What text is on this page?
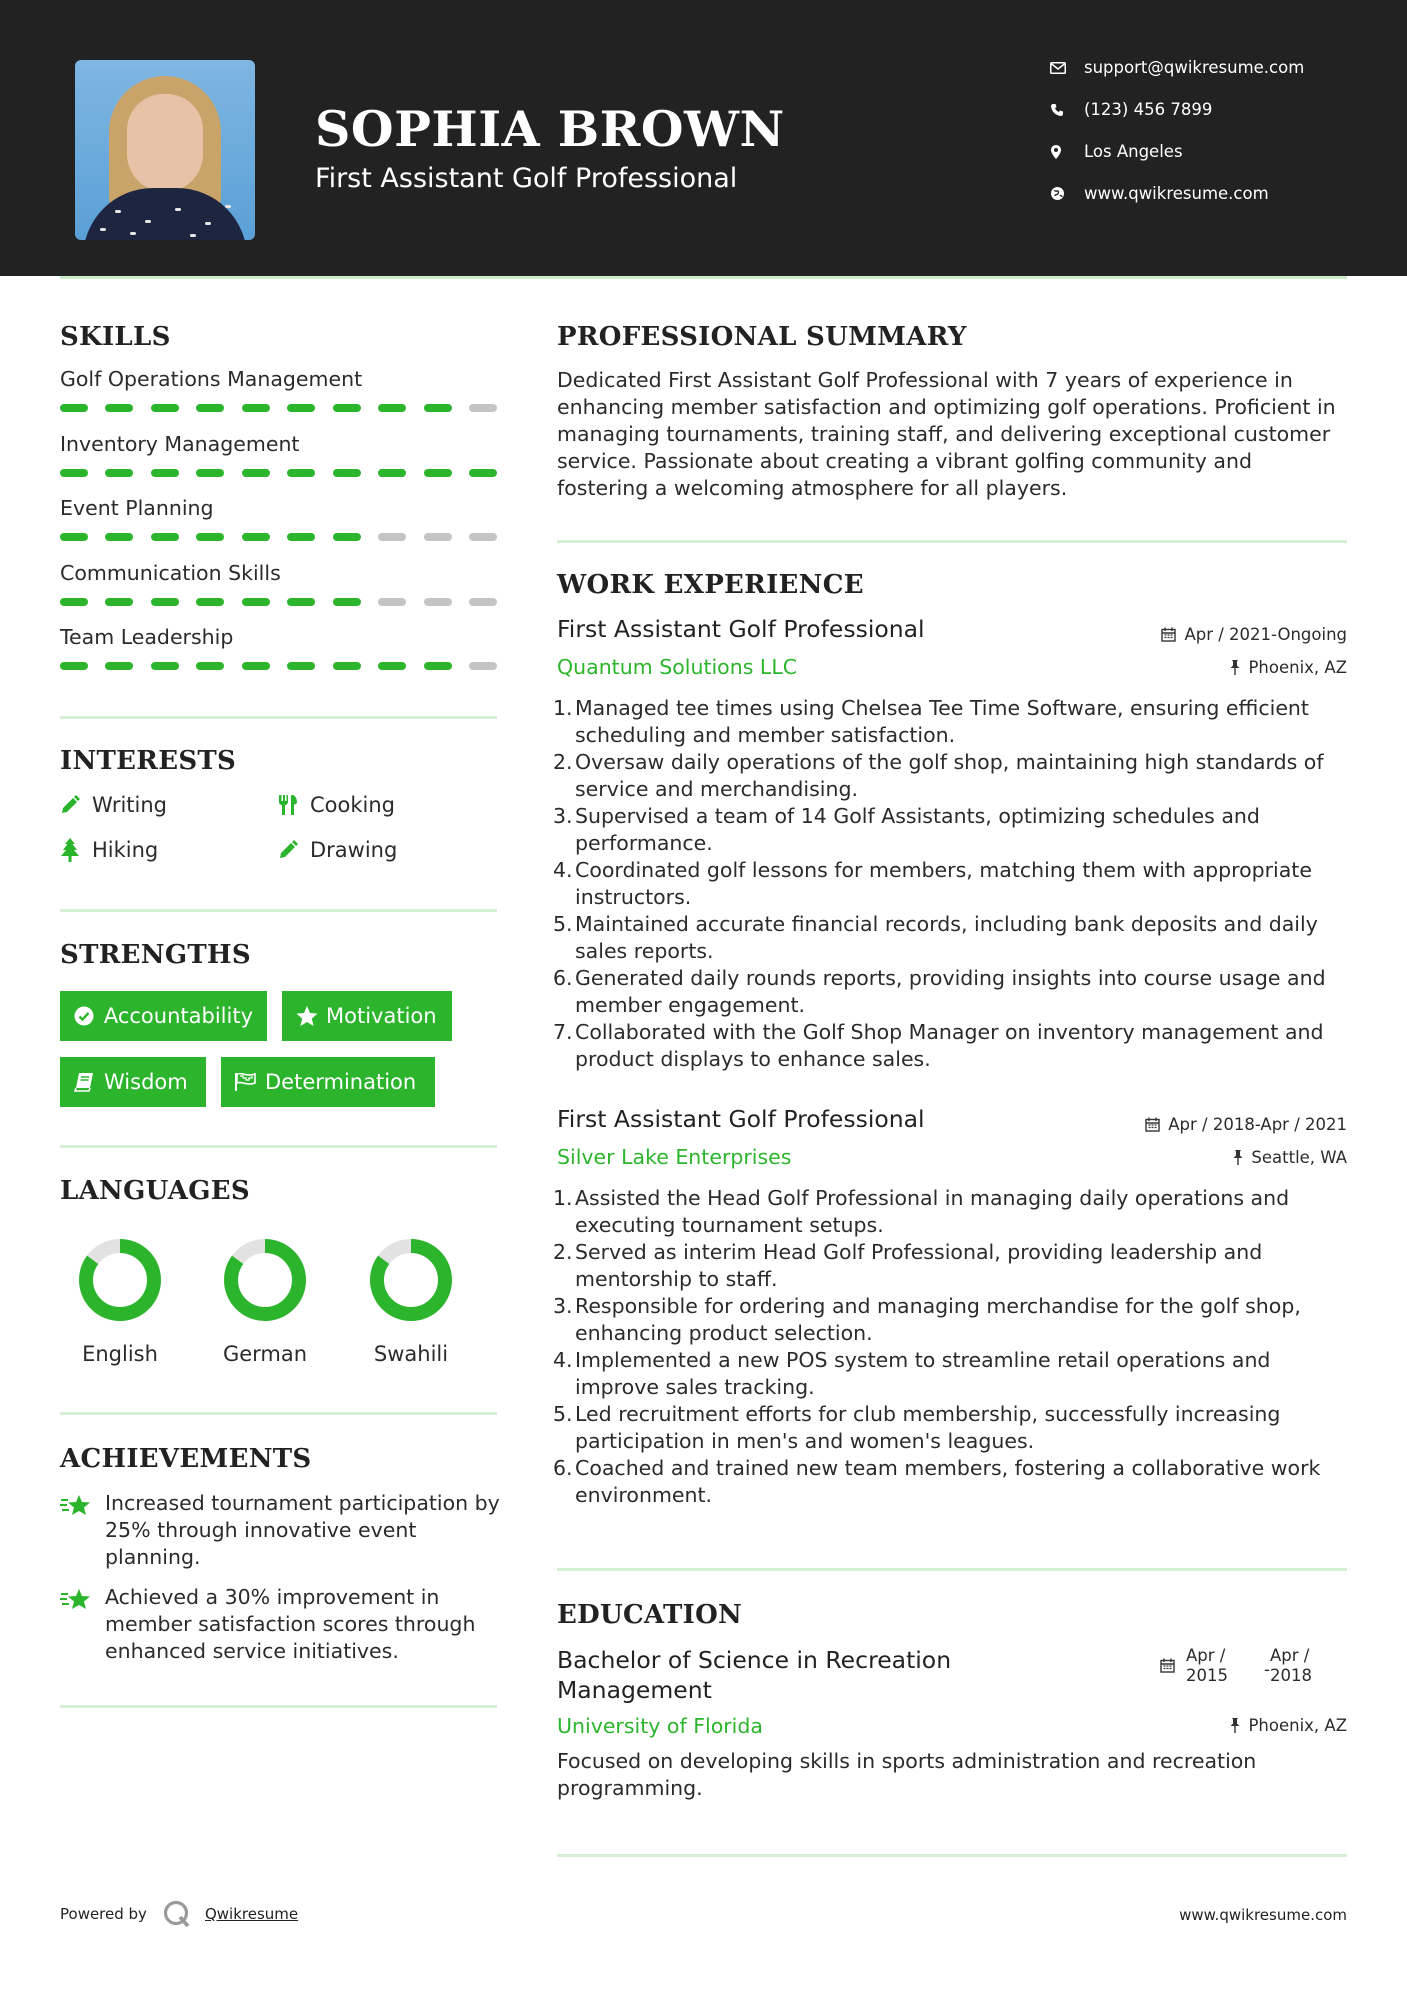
SOPHIA BROWN
First Assistant Golf Professional
support@qwikresume.com
(123) 456 7899
Los Angeles
www.qwikresume.com
SKILLS
Golf Operations Management
Inventory Management
Event Planning
Communication Skills
Team Leadership
INTERESTS
Writing	Cooking
Hiking	Drawing
STRENGTHS
Accountability	Motivation
Wisdom	Determination
LANGUAGES
English	German	Swahili
ACHIEVEMENTS
Increased tournament participation by 25% through innovative event planning.
Achieved a 30% improvement in member satisfaction scores through enhanced service initiatives.
PROFESSIONAL SUMMARY
Dedicated First Assistant Golf Professional with 7 years of experience in enhancing member satisfaction and optimizing golf operations. Proficient in managing tournaments, training staff, and delivering exceptional customer service. Passionate about creating a vibrant golfing community and fostering a welcoming atmosphere for all players.
WORK EXPERIENCE
First Assistant Golf Professional	Apr / 2021-Ongoing
Quantum Solutions LLC	Phoenix, AZ
1. Managed tee times using Chelsea Tee Time Software, ensuring efficient scheduling and member satisfaction.
2. Oversaw daily operations of the golf shop, maintaining high standards of service and merchandising.
3. Supervised a team of 14 Golf Assistants, optimizing schedules and performance.
4. Coordinated golf lessons for members, matching them with appropriate instructors.
5. Maintained accurate financial records, including bank deposits and daily sales reports.
6. Generated daily rounds reports, providing insights into course usage and member engagement.
7. Collaborated with the Golf Shop Manager on inventory management and product displays to enhance sales.
First Assistant Golf Professional	Apr / 2018-Apr / 2021
Silver Lake Enterprises	Seattle, WA
1. Assisted the Head Golf Professional in managing daily operations and executing tournament setups.
2. Served as interim Head Golf Professional, providing leadership and mentorship to staff.
3. Responsible for ordering and managing merchandise for the golf shop, enhancing product selection.
4. Implemented a new POS system to streamline retail operations and improve sales tracking.
5. Led recruitment efforts for club membership, successfully increasing participation in men's and women's leagues.
6. Coached and trained new team members, fostering a collaborative work environment.
EDUCATION
Bachelor of Science in Recreation
Management
Apr /
2015 -
Apr /
2018
University of Florida	Phoenix, AZ
Focused on developing skills in sports administration and recreation programming.
Powered by	Qwikresume	www.qwikresume.com
